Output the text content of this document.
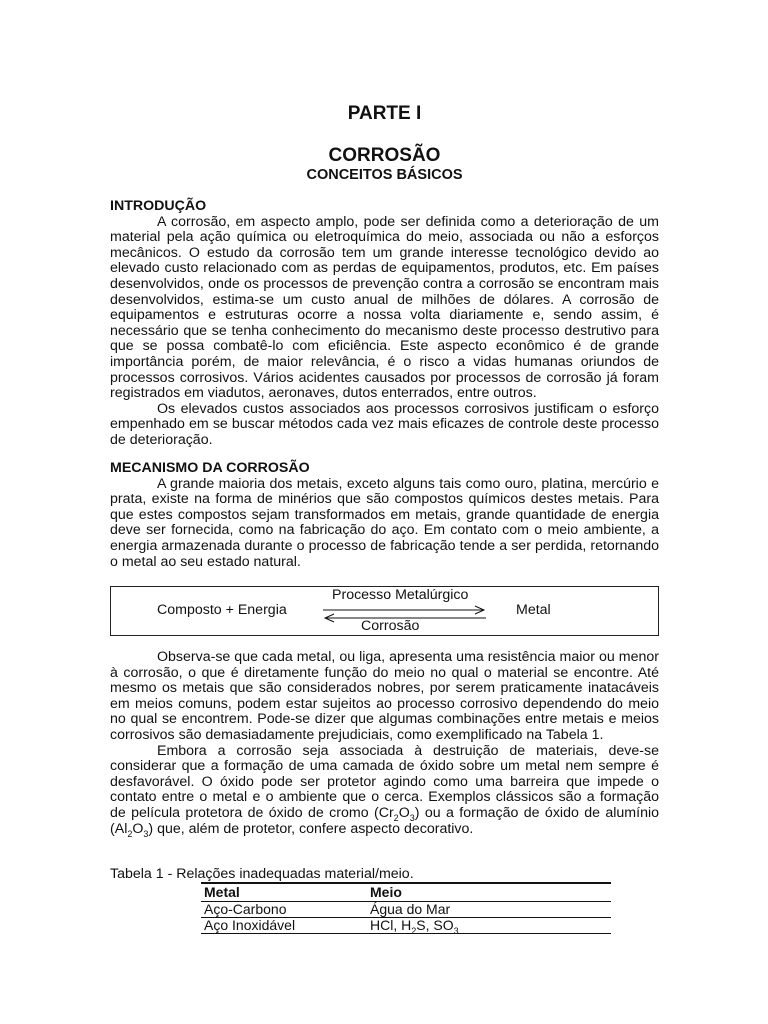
PARTE I
CORROSÃO
CONCEITOS BÁSICOS
INTRODUÇÃO

A corrosão, em aspecto amplo, pode ser definida como a deterioração de um material pela ação química ou eletroquímica do meio, associada ou não a esforços mecânicos. O estudo da corrosão tem um grande interesse tecnológico devido ao elevado custo relacionado com as perdas de equipamentos, produtos, etc. Em países desenvolvidos, onde os processos de prevenção contra a corrosão se encontram mais desenvolvidos, estima-se um custo anual de milhões de dólares. A corrosão de equipamentos e estruturas ocorre a nossa volta diariamente e, sendo assim, é necessário que se tenha conhecimento do mecanismo deste processo destrutivo para que se possa combatê-lo com eficiência. Este aspecto econômico é de grande importância porém, de maior relevância, é o risco a vidas humanas oriundos de processos corrosivos. Vários acidentes causados por processos de corrosão já foram registrados em viadutos, aeronaves, dutos enterrados, entre outros.

Os elevados custos associados aos processos corrosivos justificam o esforço empenhado em se buscar métodos cada vez mais eficazes de controle deste processo de deterioração.

MECANISMO DA CORROSÃO

A grande maioria dos metais, exceto alguns tais como ouro, platina, mercúrio e prata, existe na forma de minérios que são compostos químicos destes metais. Para que estes compostos sejam transformados em metais, grande quantidade de energia deve ser fornecida, como na fabricação do aço. Em contato com o meio ambiente, a energia armazenada durante o processo de fabricação tende a ser perdida, retornando o metal ao seu estado natural.

Processo Metalúrgico
Composto + Energia	Metal
Corrosão

Observa-se que cada metal, ou liga, apresenta uma resistência maior ou menor à corrosão, o que é diretamente função do meio no qual o material se encontre. Até mesmo os metais que são considerados nobres, por serem praticamente inatacáveis em meios comuns, podem estar sujeitos ao processo corrosivo dependendo do meio no qual se encontrem. Pode-se dizer que algumas combinações entre metais e meios corrosivos são demasiadamente prejudiciais, como exemplificado na Tabela 1.

Embora a corrosão seja associada à destruição de materiais, deve-se considerar que a formação de uma camada de óxido sobre um metal nem sempre é desfavorável. O óxido pode ser protetor agindo como uma barreira que impede o contato entre o metal e o ambiente que o cerca. Exemplos clássicos são a formação de película protetora de óxido de cromo $(Cr_2O_3)$ ou a formação de óxido de alumínio $(Al_2O_3)$ que, além de protetor, confere aspecto decorativo.

Tabela 1 - Relações inadequadas material/meio.
Metal	Meio
Aço-Carbono	Água do Mar
Aço Inoxidável	HCl, $H_2S$, $SO_3$
